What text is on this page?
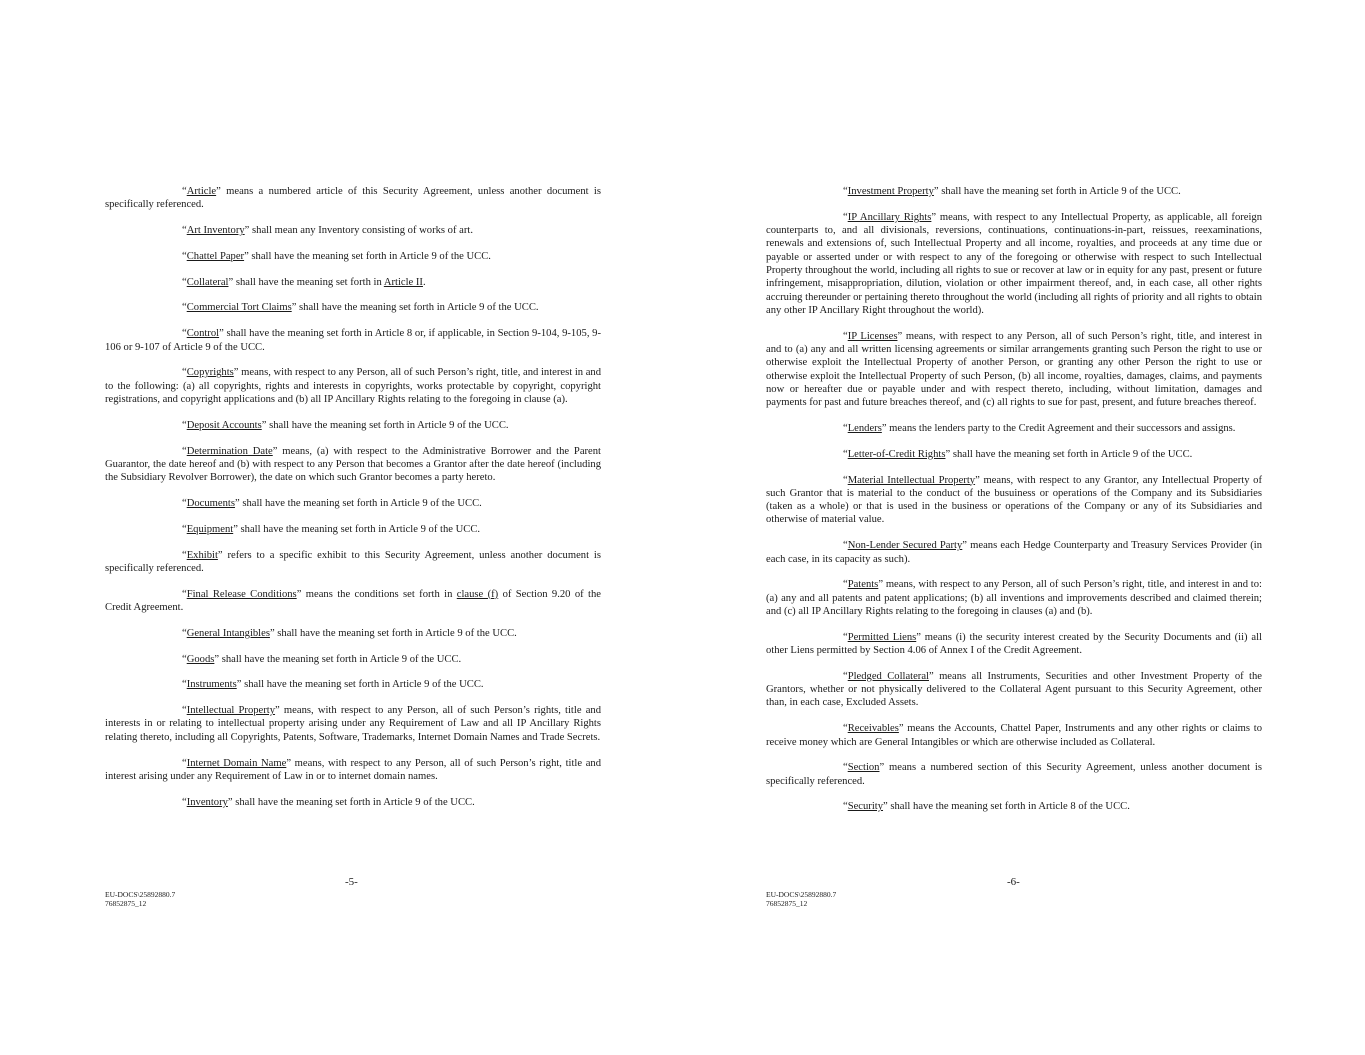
“Article” means a numbered article of this Security Agreement, unless another document is specifically referenced.

“Art Inventory” shall mean any Inventory consisting of works of art.

“Chattel Paper” shall have the meaning set forth in Article 9 of the UCC.

“Collateral” shall have the meaning set forth in Article II.

“Commercial Tort Claims” shall have the meaning set forth in Article 9 of the UCC.

“Control” shall have the meaning set forth in Article 8 or, if applicable, in Section 9-104, 9-105, 9-106 or 9-107 of Article 9 of the UCC.

“Copyrights” means, with respect to any Person, all of such Person’s right, title, and interest in and to the following: (a) all copyrights, rights and interests in copyrights, works protectable by copyright, copyright registrations, and copyright applications and (b) all IP Ancillary Rights relating to the foregoing in clause (a).

“Deposit Accounts” shall have the meaning set forth in Article 9 of the UCC.

“Determination Date” means, (a) with respect to the Administrative Borrower and the Parent Guarantor, the date hereof and (b) with respect to any Person that becomes a Grantor after the date hereof (including the Subsidiary Revolver Borrower), the date on which such Grantor becomes a party hereto.

“Documents” shall have the meaning set forth in Article 9 of the UCC.

“Equipment” shall have the meaning set forth in Article 9 of the UCC.

“Exhibit” refers to a specific exhibit to this Security Agreement, unless another document is specifically referenced.

“Final Release Conditions” means the conditions set forth in clause (f) of Section 9.20 of the Credit Agreement.

“General Intangibles” shall have the meaning set forth in Article 9 of the UCC.

“Goods” shall have the meaning set forth in Article 9 of the UCC.

“Instruments” shall have the meaning set forth in Article 9 of the UCC.

“Intellectual Property” means, with respect to any Person, all of such Person’s rights, title and interests in or relating to intellectual property arising under any Requirement of Law and all IP Ancillary Rights relating thereto, including all Copyrights, Patents, Software, Trademarks, Internet Domain Names and Trade Secrets.

“Internet Domain Name” means, with respect to any Person, all of such Person’s right, title and interest arising under any Requirement of Law in or to internet domain names.

“Inventory” shall have the meaning set forth in Article 9 of the UCC.

-5-
EU-DOCS\25892880.7
76852875_12

“Investment Property” shall have the meaning set forth in Article 9 of the UCC.

“IP Ancillary Rights” means, with respect to any Intellectual Property, as applicable, all foreign counterparts to, and all divisionals, reversions, continuations, continuations-in-part, reissues, reexaminations, renewals and extensions of, such Intellectual Property and all income, royalties, and proceeds at any time due or payable or asserted under or with respect to any of the foregoing or otherwise with respect to such Intellectual Property throughout the world, including all rights to sue or recover at law or in equity for any past, present or future infringement, misappropriation, dilution, violation or other impairment thereof, and, in each case, all other rights accruing thereunder or pertaining thereto throughout the world (including all rights of priority and all rights to obtain any other IP Ancillary Right throughout the world).

“IP Licenses” means, with respect to any Person, all of such Person’s right, title, and interest in and to (a) any and all written licensing agreements or similar arrangements granting such Person the right to use or otherwise exploit the Intellectual Property of another Person, or granting any other Person the right to use or otherwise exploit the Intellectual Property of such Person, (b) all income, royalties, damages, claims, and payments now or hereafter due or payable under and with respect thereto, including, without limitation, damages and payments for past and future breaches thereof, and (c) all rights to sue for past, present, and future breaches thereof.

“Lenders” means the lenders party to the Credit Agreement and their successors and assigns.

“Letter-of-Credit Rights” shall have the meaning set forth in Article 9 of the UCC.

“Material Intellectual Property” means, with respect to any Grantor, any Intellectual Property of such Grantor that is material to the conduct of the busuiness or operations of the Company and its Subsidiaries (taken as a whole) or that is used in the business or operations of the Company or any of its Subsidiaries and otherwise of material value.

“Non-Lender Secured Party” means each Hedge Counterparty and Treasury Services Provider (in each case, in its capacity as such).

“Patents” means, with respect to any Person, all of such Person’s right, title, and interest in and to: (a) any and all patents and patent applications; (b) all inventions and improvements described and claimed therein; and (c) all IP Ancillary Rights relating to the foregoing in clauses (a) and (b).

“Permitted Liens” means (i) the security interest created by the Security Documents and (ii) all other Liens permitted by Section 4.06 of Annex I of the Credit Agreement.

“Pledged Collateral” means all Instruments, Securities and other Investment Property of the Grantors, whether or not physically delivered to the Collateral Agent pursuant to this Security Agreement, other than, in each case, Excluded Assets.

“Receivables” means the Accounts, Chattel Paper, Instruments and any other rights or claims to receive money which are General Intangibles or which are otherwise included as Collateral.

“Section” means a numbered section of this Security Agreement, unless another document is specifically referenced.

“Security” shall have the meaning set forth in Article 8 of the UCC.

-6-
EU-DOCS\25892880.7
76852875_12
